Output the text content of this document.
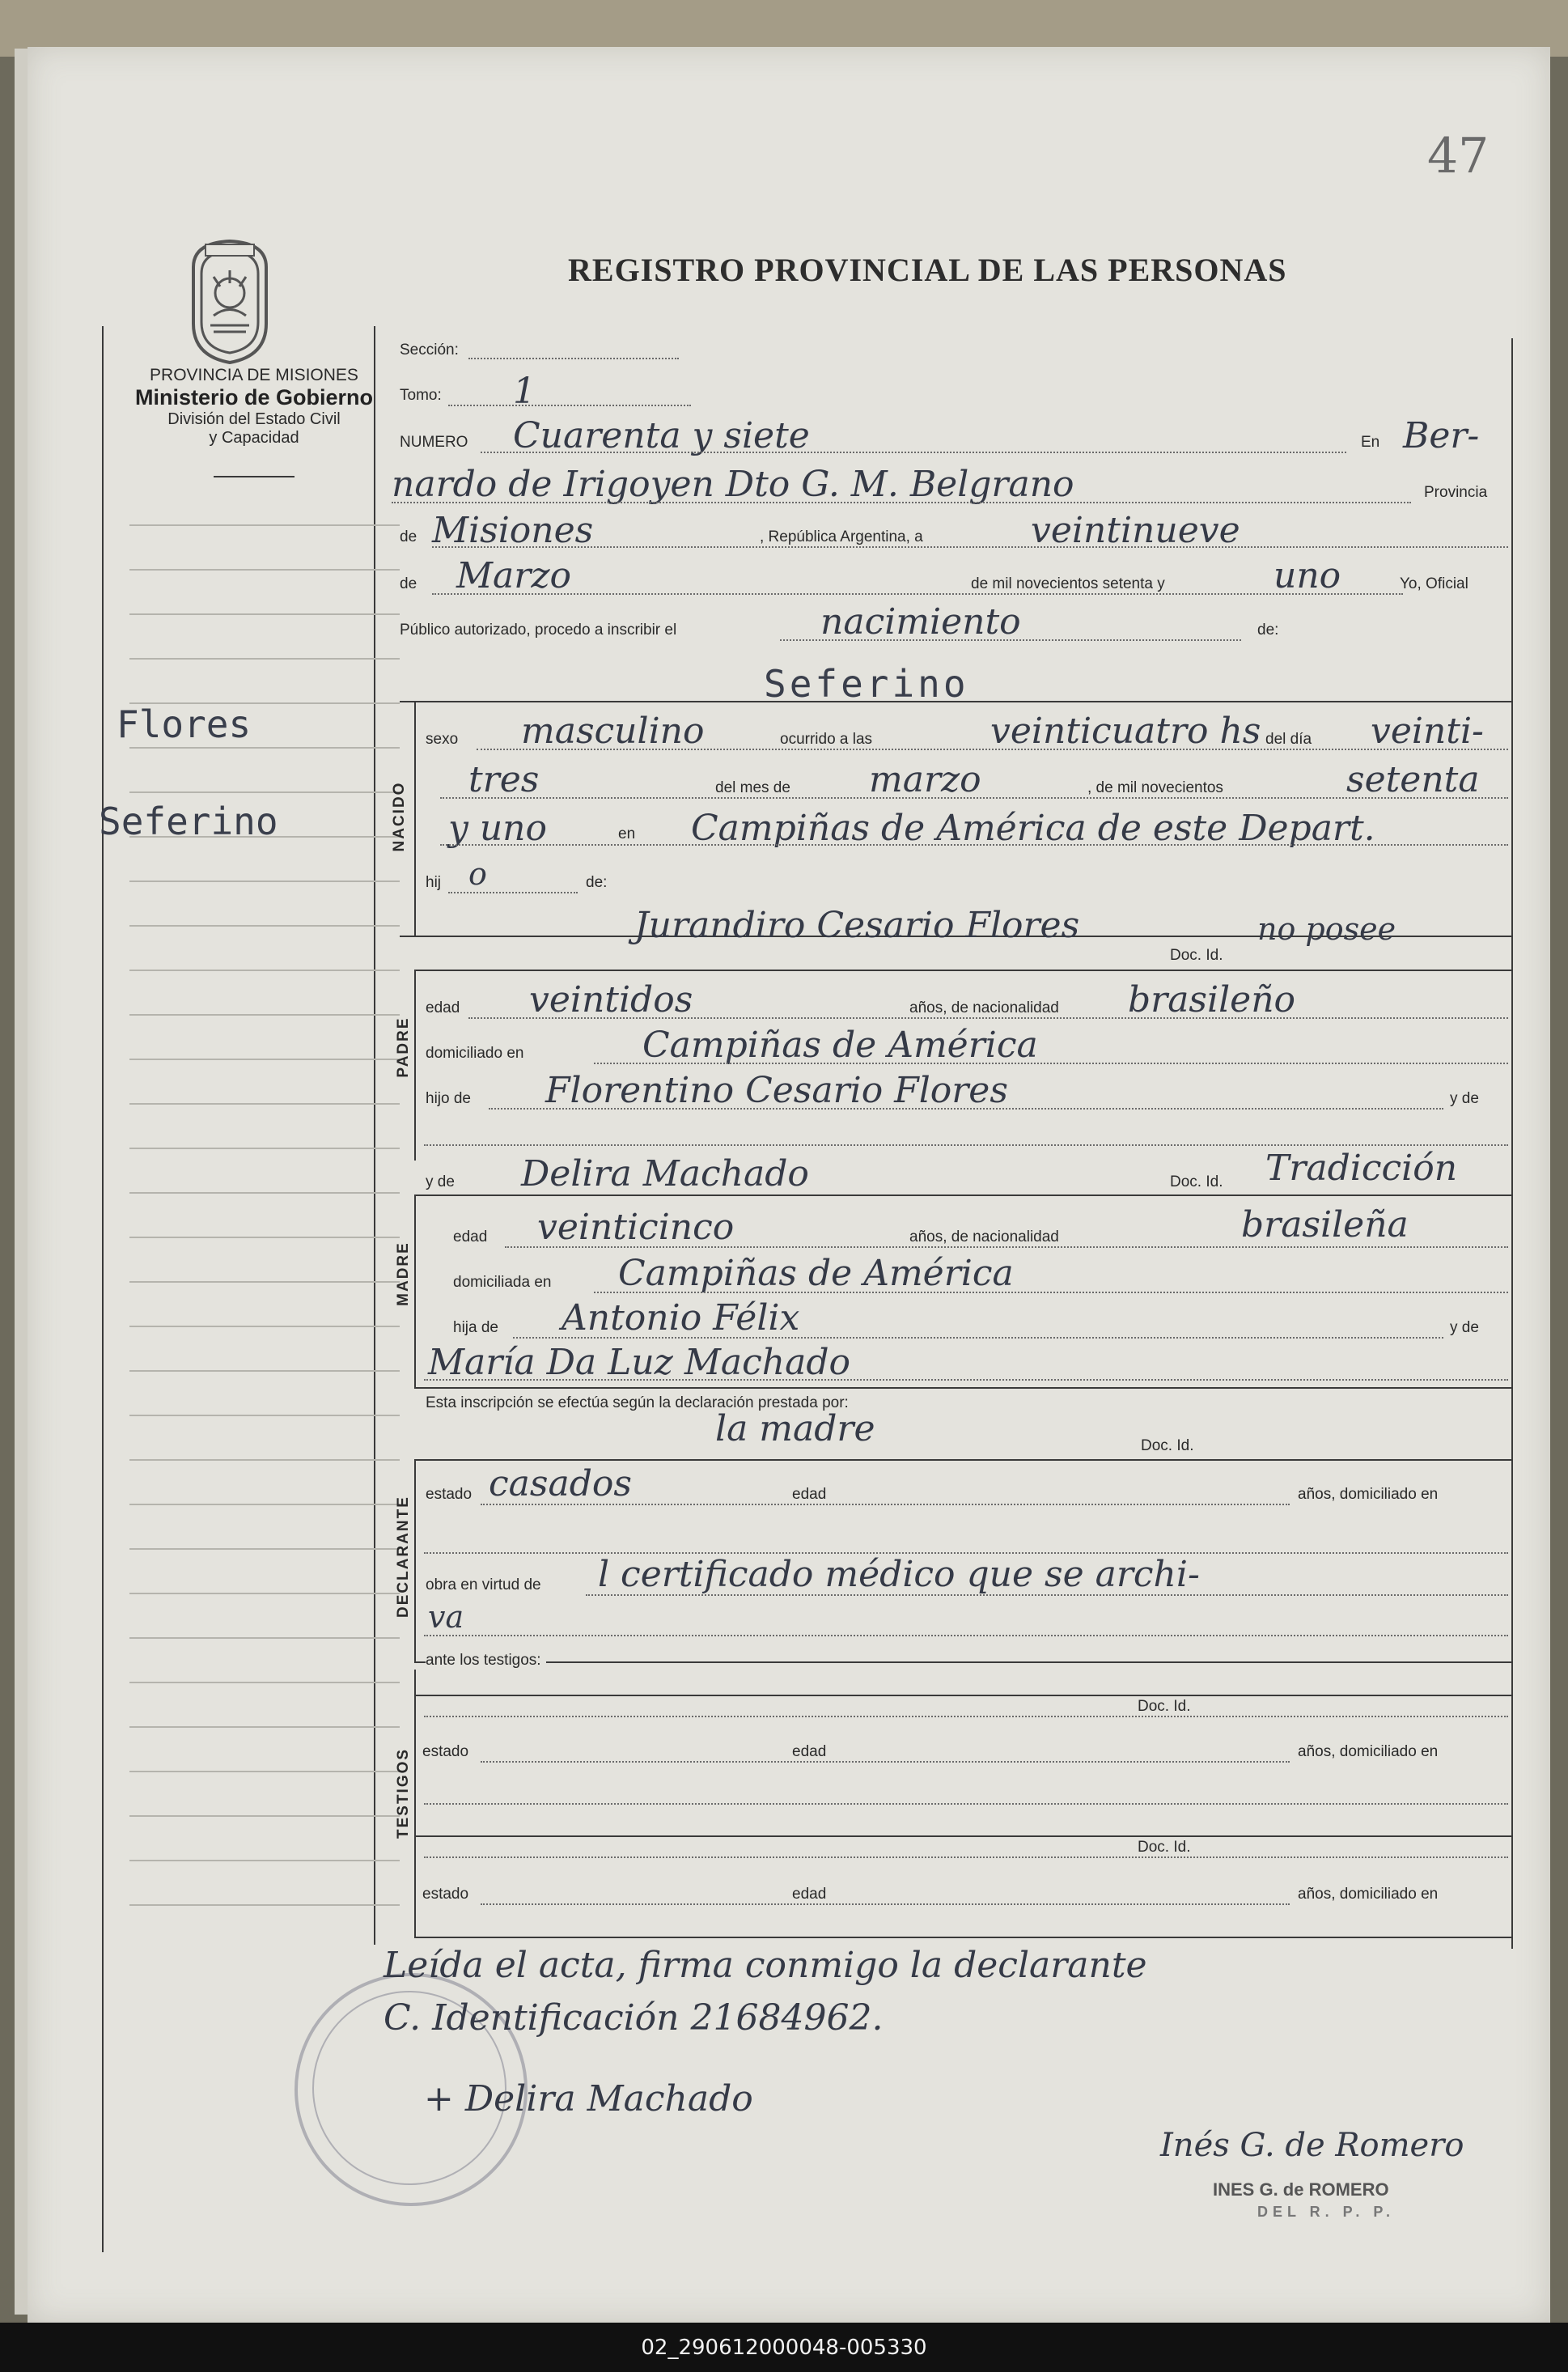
47
REGISTRO PROVINCIAL DE LAS PERSONAS
PROVINCIA DE MISIONES
Ministerio de Gobierno
División del Estado Civil
y Capacidad
Flores
Seferino
Sección:
Tomo: 1
NUMERO Cuarenta y siete	En Ber-
nardo de Irigoyen Dto G. M. Belgrano	Provincia
de Misiones	, República Argentina, a	veintinueve
de Marzo	de mil novecientos setenta y	uno	Yo, Oficial
Público autorizado, procedo a inscribir el	nacimiento	de:
Seferino
NACIDO
sexo masculino	ocurrido a las	veinticuatro hs del día veinti-
tres	del mes de marzo	, de mil novecientos	setenta
y uno	en Campiñas de América de este Depart.
hij o	de:
Jurandiro Cesario Flores
Doc. Id.
no posee
PADRE
edad veintidos	años, de nacionalidad brasileño
domiciliado en	Campiñas de América
hijo de Florentino Cesario Flores	y de
y de Delira Machado	Doc. Id. Tradicción
MADRE
edad veinticinco	años, de nacionalidad	brasileña
domiciliada en Campiñas de América
hija de Antonio Félix	y de
María Da Luz Machado
Esta inscripción se efectúa según la declaración prestada por:
la madre	Doc. Id.
DECLARANTE
estado casados	edad	años, domiciliado en
obra en virtud de l certificado médico que se archi-
va
ante los testigos:
TESTIGOS
Doc. Id.
estado	edad	años, domiciliado en
Doc. Id.
estado	edad	años, domiciliado en
Leída el acta, firma conmigo la declarante
C. Identificación 21684962.
+ Delira Machado
Inés G. de Romero
INES G. de ROMERO
DEL R. P. P.
02_290612000048-005330
